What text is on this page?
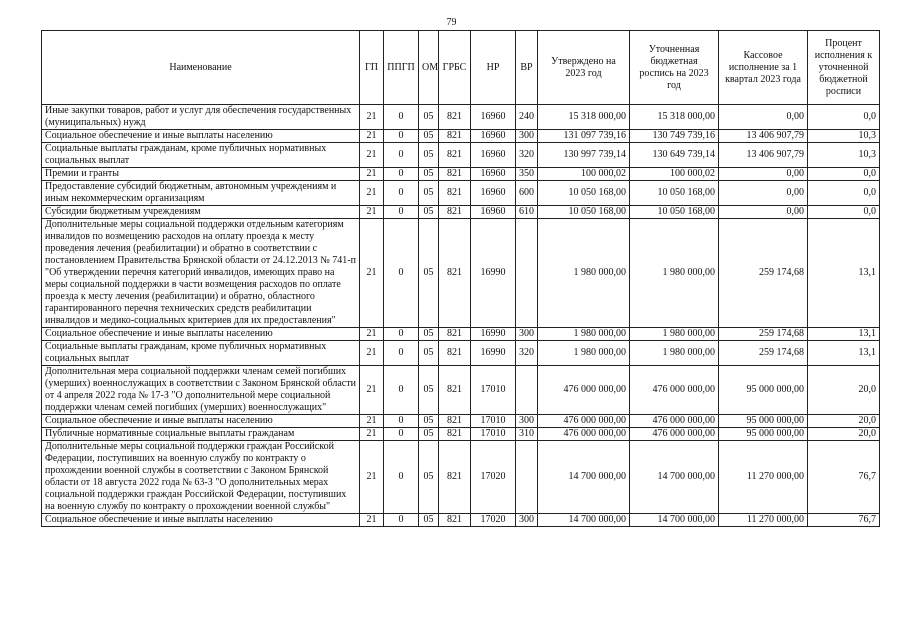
79
Наименование	ГП	ППГП	ОМ	ГРБС	НР	ВР	Утверждено на 2023 год	Уточненная бюджетная роспись на 2023 год	Кассовое исполнение за 1 квартал 2023 года	Процент исполнения к уточненной бюджетной росписи
Иные закупки товаров, работ и услуг для обеспечения государственных (муниципальных) нужд	21	0	05	821	16960	240	15 318 000,00	15 318 000,00	0,00	0,0
Социальное обеспечение и иные выплаты населению	21	0	05	821	16960	300	131 097 739,16	130 749 739,16	13 406 907,79	10,3
Социальные выплаты гражданам, кроме публичных нормативных социальных выплат	21	0	05	821	16960	320	130 997 739,14	130 649 739,14	13 406 907,79	10,3
Премии и гранты	21	0	05	821	16960	350	100 000,02	100 000,02	0,00	0,0
Предоставление субсидий бюджетным, автономным учреждениям и иным некоммерческим организациям	21	0	05	821	16960	600	10 050 168,00	10 050 168,00	0,00	0,0
Субсидии бюджетным учреждениям	21	0	05	821	16960	610	10 050 168,00	10 050 168,00	0,00	0,0
Дополнительные меры социальной поддержки отдельным категориям инвалидов по возмещению расходов на оплату проезда к месту проведения лечения (реабилитации) и обратно в соответствии с постановлением Правительства Брянской области от 24.12.2013 № 741-п "Об утверждении перечня категорий инвалидов, имеющих право на меры социальной поддержки в части возмещения расходов по оплате проезда к месту лечения (реабилитации) и обратно, областного гарантированного перечня технических средств реабилитации инвалидов и медико-социальных критериев для их предоставления"	21	0	05	821	16990		1 980 000,00	1 980 000,00	259 174,68	13,1
Социальное обеспечение и иные выплаты населению	21	0	05	821	16990	300	1 980 000,00	1 980 000,00	259 174,68	13,1
Социальные выплаты гражданам, кроме публичных нормативных социальных выплат	21	0	05	821	16990	320	1 980 000,00	1 980 000,00	259 174,68	13,1
Дополнительная мера социальной поддержки членам семей погибших (умерших) военнослужащих в соответствии с Законом Брянской области от 4 апреля 2022 года № 17-З "О дополнительной мере социальной поддержки членам семей погибших (умерших) военнослужащих"	21	0	05	821	17010		476 000 000,00	476 000 000,00	95 000 000,00	20,0
Социальное обеспечение и иные выплаты населению	21	0	05	821	17010	300	476 000 000,00	476 000 000,00	95 000 000,00	20,0
Публичные нормативные социальные выплаты гражданам	21	0	05	821	17010	310	476 000 000,00	476 000 000,00	95 000 000,00	20,0
Дополнительные меры социальной поддержки граждан Российской Федерации, поступивших на военную службу по контракту о прохождении военной службы в соответствии с Законом Брянской области от 18 августа 2022 года № 63-З "О дополнительных мерах социальной поддержки граждан Российской Федерации, поступивших на военную службу по контракту о прохождении военной службы"	21	0	05	821	17020		14 700 000,00	14 700 000,00	11 270 000,00	76,7
Социальное обеспечение и иные выплаты населению	21	0	05	821	17020	300	14 700 000,00	14 700 000,00	11 270 000,00	76,7
